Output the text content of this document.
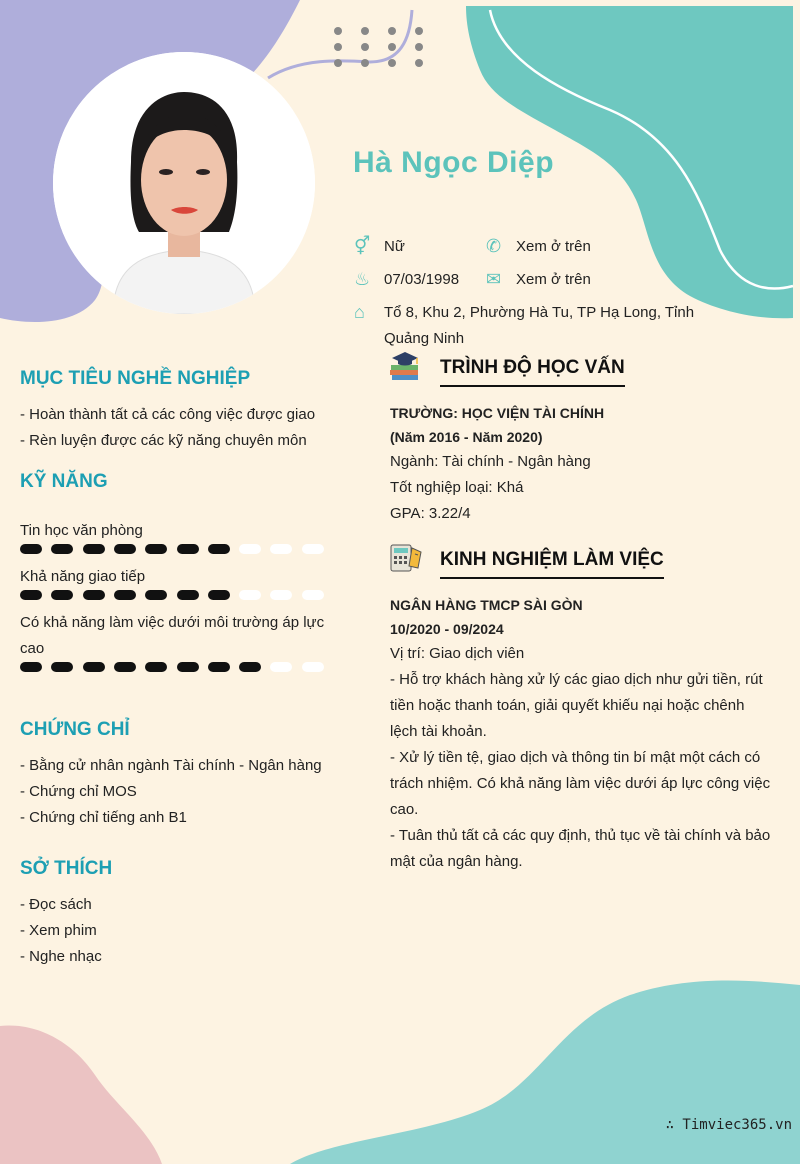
Hà Ngọc Diệp
⚥ Nữ	✆ Xem ở trên
♨ 07/03/1998 ✉ Xem ở trên
⌂ Tổ 8, Khu 2, Phường Hà Tu, TP Hạ Long, Tỉnh Quảng Ninh
MỤC TIÊU NGHỀ NGHIỆP
- Hoàn thành tất cả các công việc được giao
- Rèn luyện được các kỹ năng chuyên môn
KỸ NĂNG
Tin học văn phòng
Khả năng giao tiếp
Có khả năng làm việc dưới môi trường áp lực cao
CHỨNG CHỈ
- Bằng cử nhân ngành Tài chính - Ngân hàng
- Chứng chỉ MOS
- Chứng chỉ tiếng anh B1
SỞ THÍCH
- Đọc sách
- Xem phim
- Nghe nhạc
TRÌNH ĐỘ HỌC VẤN
TRƯỜNG: HỌC VIỆN TÀI CHÍNH
(Năm 2016 - Năm 2020)
Ngành: Tài chính - Ngân hàng
Tốt nghiệp loại: Khá
GPA: 3.22/4
KINH NGHIỆM LÀM VIỆC
NGÂN HÀNG TMCP SÀI GÒN
10/2020 - 09/2024
Vị trí: Giao dịch viên
- Hỗ trợ khách hàng xử lý các giao dịch như gửi tiền, rút tiền hoặc thanh toán, giải quyết khiếu nại hoặc chênh lệch tài khoản.
- Xử lý tiền tệ, giao dịch và thông tin bí mật một cách có trách nhiệm. Có khả năng làm việc dưới áp lực công việc cao.
- Tuân thủ tất cả các quy định, thủ tục về tài chính và bảo mật của ngân hàng.
∴ Timviec365.vn
